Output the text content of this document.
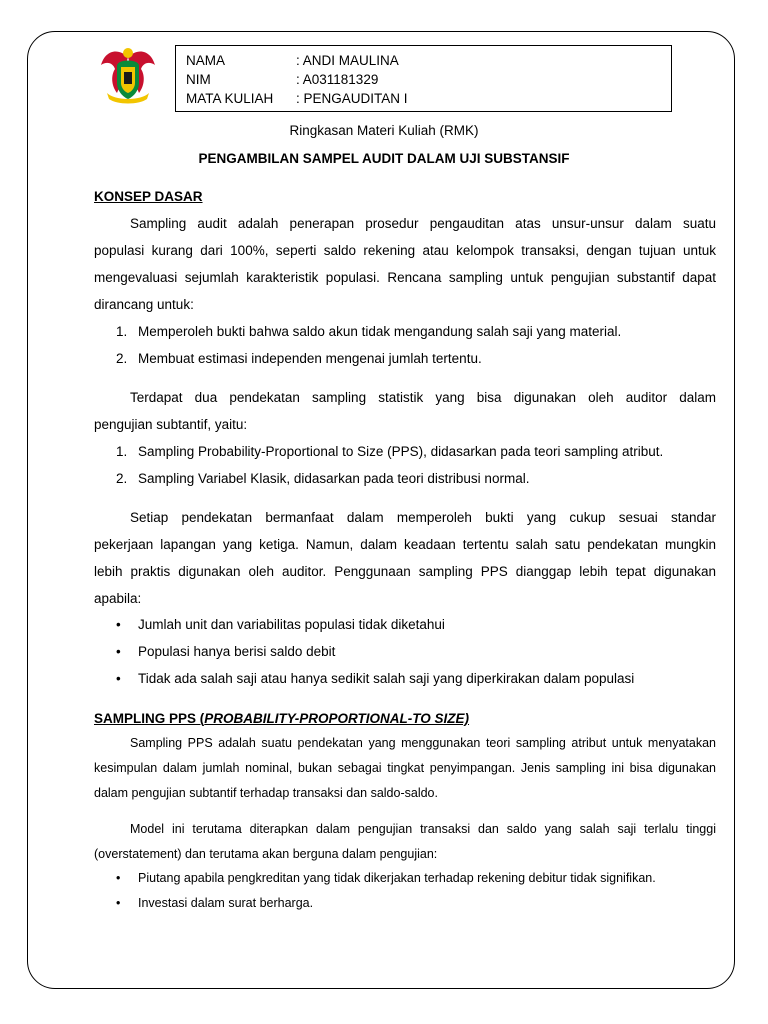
NAMA	: ANDI MAULINA
NIM	: A031181329
MATA KULIAH	: PENGAUDITAN I
Ringkasan Materi Kuliah (RMK)
PENGAMBILAN SAMPEL AUDIT DALAM UJI SUBSTANSIF
KONSEP DASAR
Sampling audit adalah penerapan prosedur pengauditan atas unsur-unsur dalam suatu
populasi kurang dari 100%, seperti saldo rekening atau kelompok transaksi, dengan tujuan untuk
mengevaluasi sejumlah karakteristik populasi. Rencana sampling untuk pengujian substantif dapat
dirancang untuk:
1. Memperoleh bukti bahwa saldo akun tidak mengandung salah saji yang material.
2. Membuat estimasi independen mengenai jumlah tertentu.
Terdapat dua pendekatan sampling statistik yang bisa digunakan oleh auditor dalam
pengujian subtantif, yaitu:
1. Sampling Probability-Proportional to Size (PPS), didasarkan pada teori sampling atribut.
2. Sampling Variabel Klasik, didasarkan pada teori distribusi normal.
Setiap pendekatan bermanfaat dalam memperoleh bukti yang cukup sesuai standar
pekerjaan lapangan yang ketiga. Namun, dalam keadaan tertentu salah satu pendekatan mungkin
lebih praktis digunakan oleh auditor. Penggunaan sampling PPS dianggap lebih tepat digunakan
apabila:
•	Jumlah unit dan variabilitas populasi tidak diketahui
•	Populasi hanya berisi saldo debit
•	Tidak ada salah saji atau hanya sedikit salah saji yang diperkirakan dalam populasi
SAMPLING PPS (PROBABILITY-PROPORTIONAL-TO SIZE)
Sampling PPS adalah suatu pendekatan yang menggunakan teori sampling atribut untuk menyatakan
kesimpulan dalam jumlah nominal, bukan sebagai tingkat penyimpangan. Jenis sampling ini bisa digunakan
dalam pengujian subtantif terhadap transaksi dan saldo-saldo.
Model ini terutama diterapkan dalam pengujian transaksi dan saldo yang salah saji terlalu tinggi
(overstatement) dan terutama akan berguna dalam pengujian:
•	Piutang apabila pengkreditan yang tidak dikerjakan terhadap rekening debitur tidak signifikan.
•	Investasi dalam surat berharga.
